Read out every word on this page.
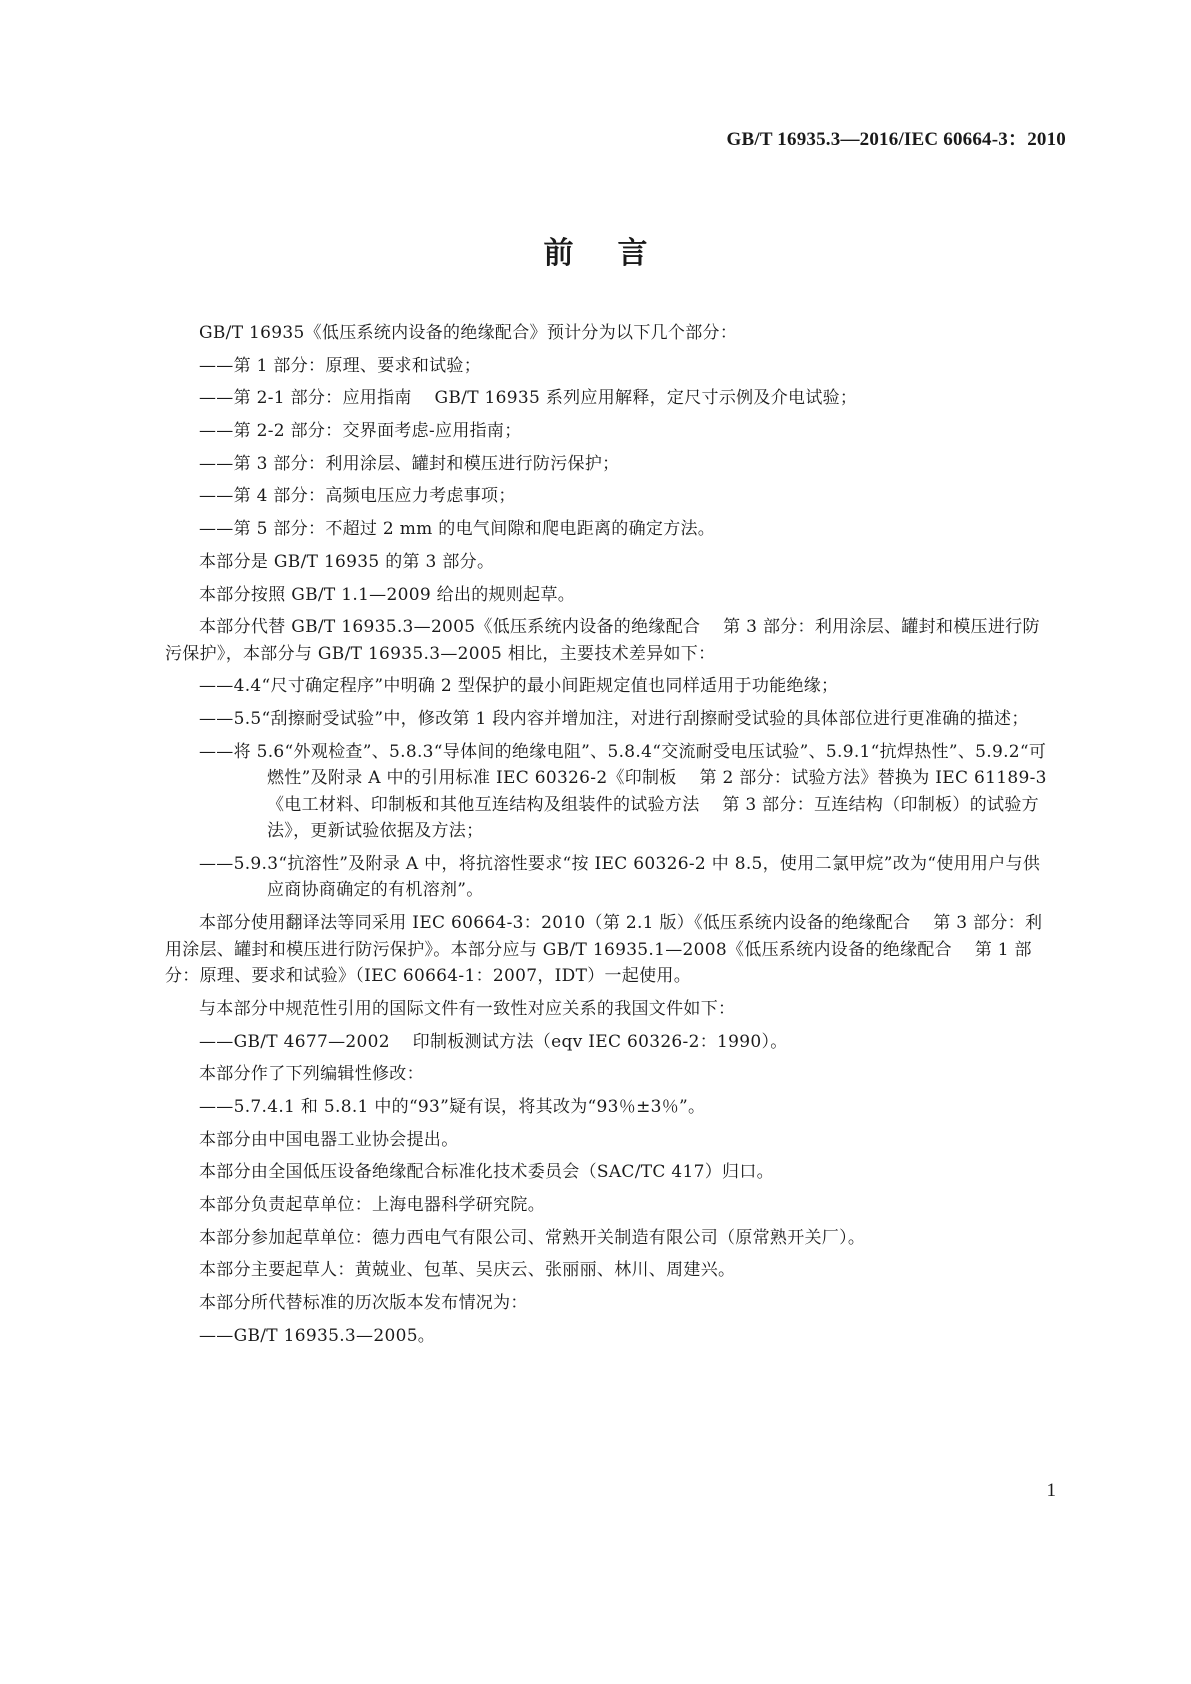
GB/T 16935.3—2016/IEC 60664-3：2010
前言
GB/T 16935《低压系统内设备的绝缘配合》预计分为以下几个部分：
——第 1 部分：原理、要求和试验；
——第 2-1 部分：应用指南    GB/T 16935 系列应用解释，定尺寸示例及介电试验；
——第 2-2 部分：交界面考虑-应用指南；
——第 3 部分：利用涂层、罐封和模压进行防污保护；
——第 4 部分：高频电压应力考虑事项；
——第 5 部分：不超过 2 mm 的电气间隙和爬电距离的确定方法。
本部分是 GB/T 16935 的第 3 部分。
本部分按照 GB/T 1.1—2009 给出的规则起草。
本部分代替 GB/T 16935.3—2005《低压系统内设备的绝缘配合    第 3 部分：利用涂层、罐封和模压进行防污保护》，本部分与 GB/T 16935.3—2005 相比，主要技术差异如下：
——4.4“尺寸确定程序”中明确 2 型保护的最小间距规定值也同样适用于功能绝缘；
——5.5“刮擦耐受试验”中，修改第 1 段内容并增加注，对进行刮擦耐受试验的具体部位进行更准确的描述；
——将 5.6“外观检查”、5.8.3“导体间的绝缘电阻”、5.8.4“交流耐受电压试验”、5.9.1“抗焊热性”、5.9.2“可燃性”及附录 A 中的引用标准 IEC 60326-2《印制板    第 2 部分：试验方法》替换为 IEC 61189-3《电工材料、印制板和其他互连结构及组装件的试验方法    第 3 部分：互连结构（印制板）的试验方法》，更新试验依据及方法；
——5.9.3“抗溶性”及附录 A 中，将抗溶性要求“按 IEC 60326-2 中 8.5，使用二氯甲烷”改为“使用用户与供应商协商确定的有机溶剂”。
本部分使用翻译法等同采用 IEC 60664-3：2010（第 2.1 版）《低压系统内设备的绝缘配合    第 3 部分：利用涂层、罐封和模压进行防污保护》。本部分应与 GB/T 16935.1—2008《低压系统内设备的绝缘配合    第 1 部分：原理、要求和试验》（IEC 60664-1：2007，IDT）一起使用。
与本部分中规范性引用的国际文件有一致性对应关系的我国文件如下：
——GB/T 4677—2002    印制板测试方法（eqv IEC 60326-2：1990）。
本部分作了下列编辑性修改：
——5.7.4.1 和 5.8.1 中的“93”疑有误，将其改为“93％±3％”。
本部分由中国电器工业协会提出。
本部分由全国低压设备绝缘配合标准化技术委员会（SAC/TC 417）归口。
本部分负责起草单位：上海电器科学研究院。
本部分参加起草单位：德力西电气有限公司、常熟开关制造有限公司（原常熟开关厂）。
本部分主要起草人：黄兢业、包革、吴庆云、张丽丽、林川、周建兴。
本部分所代替标准的历次版本发布情况为：
——GB/T 16935.3—2005。
1
